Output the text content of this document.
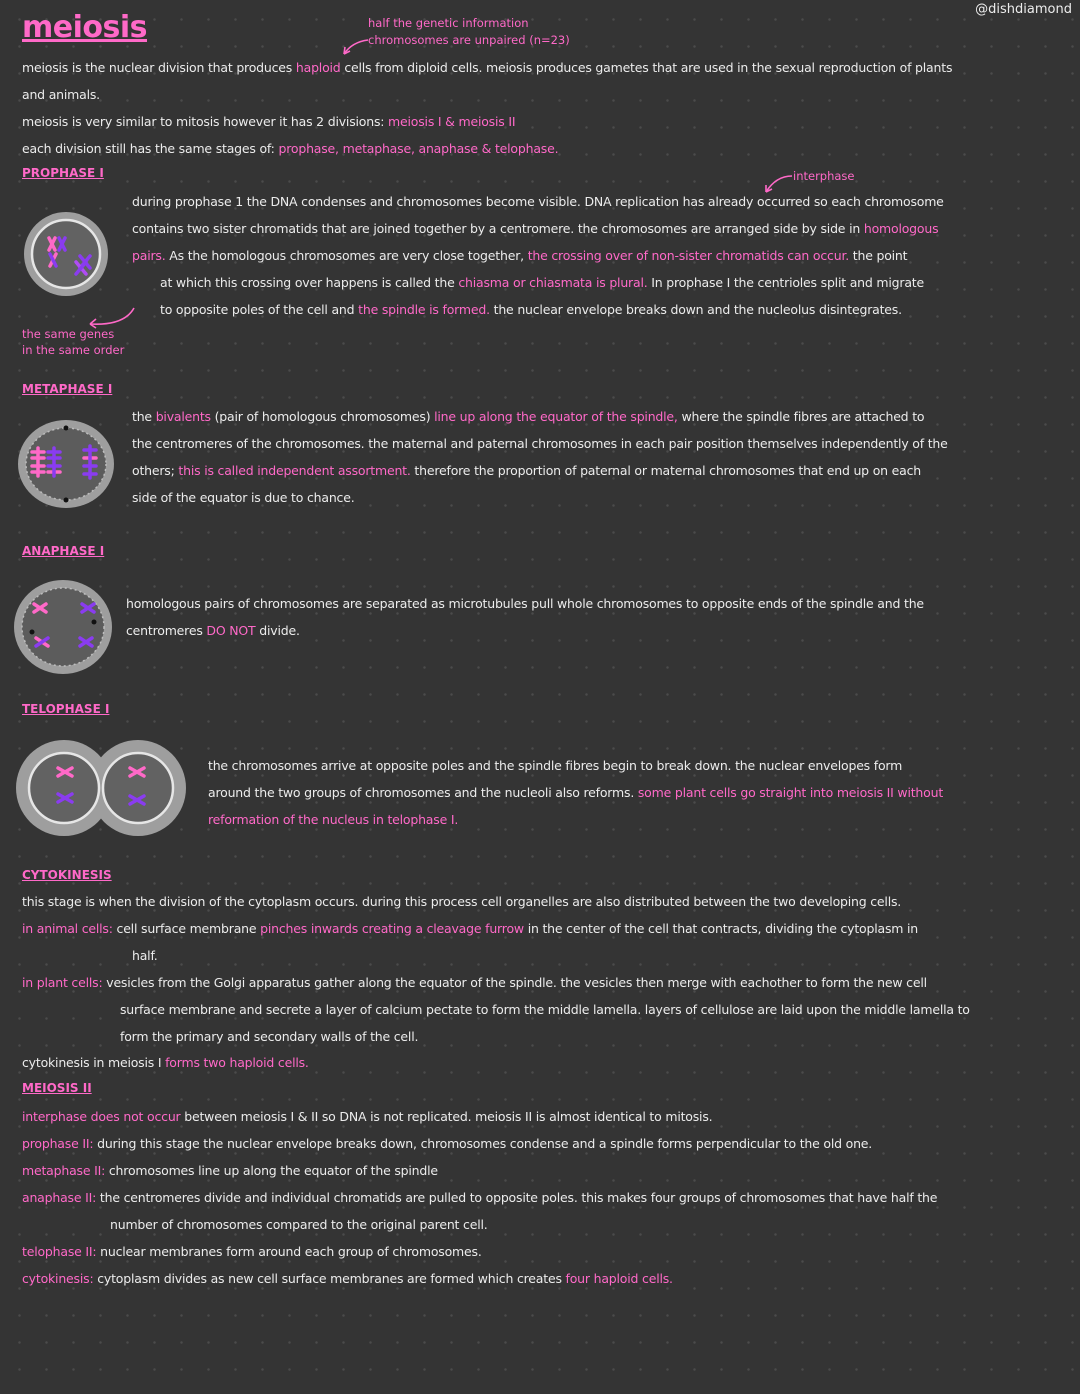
@dishdiamond
meiosis	half the genetic information
chromosomes are unpaired (n=23)
meiosis is the nuclear division that produces haploid cells from diploid cells. meiosis produces gametes that are used in the sexual reproduction of plants
and animals.
meiosis is very similar to mitosis however it has 2 divisions: meiosis I & meiosis II
each division still has the same stages of: prophase, metaphase, anaphase & telophase.
PROPHASE I	interphase
during prophase 1 the DNA condenses and chromosomes become visible. DNA replication has already occurred so each chromosome
contains two sister chromatids that are joined together by a centromere. the chromosomes are arranged side by side in homologous
pairs. As the homologous chromosomes are very close together, the crossing over of non-sister chromatids can occur. the point
at which this crossing over happens is called the chiasma or chiasmata is plural. In prophase I the centrioles split and migrate
to opposite poles of the cell and the spindle is formed. the nuclear envelope breaks down and the nucleolus disintegrates.
the same genes
in the same order
METAPHASE I
the bivalents (pair of homologous chromosomes) line up along the equator of the spindle, where the spindle fibres are attached to
the centromeres of the chromosomes. the maternal and paternal chromosomes in each pair position themselves independently of the
others; this is called independent assortment. therefore the proportion of paternal or maternal chromosomes that end up on each
side of the equator is due to chance.
ANAPHASE I
homologous pairs of chromosomes are separated as microtubules pull whole chromosomes to opposite ends of the spindle and the
centromeres DO NOT divide.
TELOPHASE I
the chromosomes arrive at opposite poles and the spindle fibres begin to break down. the nuclear envelopes form
around the two groups of chromosomes and the nucleoli also reforms. some plant cells go straight into meiosis II without
reformation of the nucleus in telophase I.
CYTOKINESIS
this stage is when the division of the cytoplasm occurs. during this process cell organelles are also distributed between the two developing cells.
in animal cells: cell surface membrane pinches inwards creating a cleavage furrow in the center of the cell that contracts, dividing the cytoplasm in
half.
in plant cells: vesicles from the Golgi apparatus gather along the equator of the spindle. the vesicles then merge with eachother to form the new cell
surface membrane and secrete a layer of calcium pectate to form the middle lamella. layers of cellulose are laid upon the middle lamella to
form the primary and secondary walls of the cell.
cytokinesis in meiosis I forms two haploid cells.
MEIOSIS II
interphase does not occur between meiosis I & II so DNA is not replicated. meiosis II is almost identical to mitosis.
prophase II: during this stage the nuclear envelope breaks down, chromosomes condense and a spindle forms perpendicular to the old one.
metaphase II: chromosomes line up along the equator of the spindle
anaphase II: the centromeres divide and individual chromatids are pulled to opposite poles. this makes four groups of chromosomes that have half the
number of chromosomes compared to the original parent cell.
telophase II: nuclear membranes form around each group of chromosomes.
cytokinesis: cytoplasm divides as new cell surface membranes are formed which creates four haploid cells.
